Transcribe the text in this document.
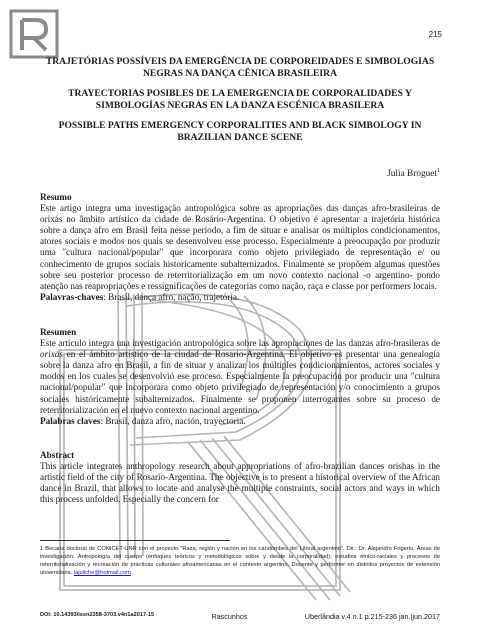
215

TRAJETÓRIAS POSSÍVEIS DA EMERGÊNCIA DE CORPOREIDADES E SIMBOLOGIAS NEGRAS NA DANÇA CÊNICA BRASILEIRA

TRAYECTORIAS POSIBLES DE LA EMERGENCIA DE CORPORALIDADES Y SIMBOLOGÍAS NEGRAS EN LA DANZA ESCÉNICA BRASILERA

POSSIBLE PATHS EMERGENCY CORPORALITIES AND BLACK SIMBOLOGY IN BRAZILIAN DANCE SCENE

Julia Broguet$^1$
Resumo

Este artigo integra uma investigação antropológica sobre as apropriações das danças afro-brasileiras de orixás no âmbito artístico da cidade de Rosário-Argentina. O objetivo é apresentar a trajetória histórica sobre a dança afro em Brasil feita nesse período, a fim de situar e analisar os múltiplos condicionamentos, atores sociais e modos nos quais se desenvolveu esse processo. Especialmente a preocupação por produzir uma "cultura nacional/popular" que incorporara como objeto privilegiado de representação e/ ou conhecimento de grupos sociais historicamente subalternizados. Finalmente se propõem algumas questões sobre seu posterior processo de reterritorialização em um novo contexto nacional -o argentino- pondo atenção nas reapropriações e ressignificações de categorias como nação, raça e classe por performers locais.

Palavras-chaves: Brasil, dança afro, nação, trajetória.

Resumen

Este artículo integra una investigación antropológica sobre las apropiaciones de las danzas afro-brasileras de orixás en el ámbito artístico de la ciudad de Rosario-Argentina. El objetivo es presentar una genealogía sobre la danza afro en Brasil, a fin de situar y analizar los múltiples condicionamientos, actores sociales y modos en los cuales se desenvolvió ese proceso. Especialmente la preocupación por producir una "cultura nacional/popular" que incorporara como objeto privilegiado de representación y/o conocimiento a grupos sociales históricamente subalternizados. Finalmente se proponen interrogantes sobre su proceso de reterritorialización en el nuevo contexto nacional argentino.

Palabras claves: Brasil, danza afro, nación, trayectoria.

Abstract

This article integrates anthropology research about appropriations of afro-brazilian dances orishas in the artistic field of the city of Rosario-Argentina. The objective is to present a historical overview of the African dance in Brazil, that allows to locate and analyse the multiple constraints, social actors and ways in which this process unfolded. Especially the concern for

1 Becaria doctoral de CONICET-UNR con el proyecto "Raza, región y nación en los candombes del Litoral argentino". Dir.: Dr. Alejandro Frigerio. Áreas de investigación: Antropología del cuerpo (enfoques teóricos y metodológicos sobre y desde la corporalidad); estudios étnico-raciales y procesos de reterritorialización y recreación de prácticas culturales afroamericanas en el contexto argentino. Docente y performer en distintos proyectos de extensión universitaria. lajuliche@hotmail.com
DOI: 10.14393/issn2358-3703.v4n1a2017-15	Rascunhos	Uberlândia v.4 n.1 p.215-236 jan.|jun.2017
